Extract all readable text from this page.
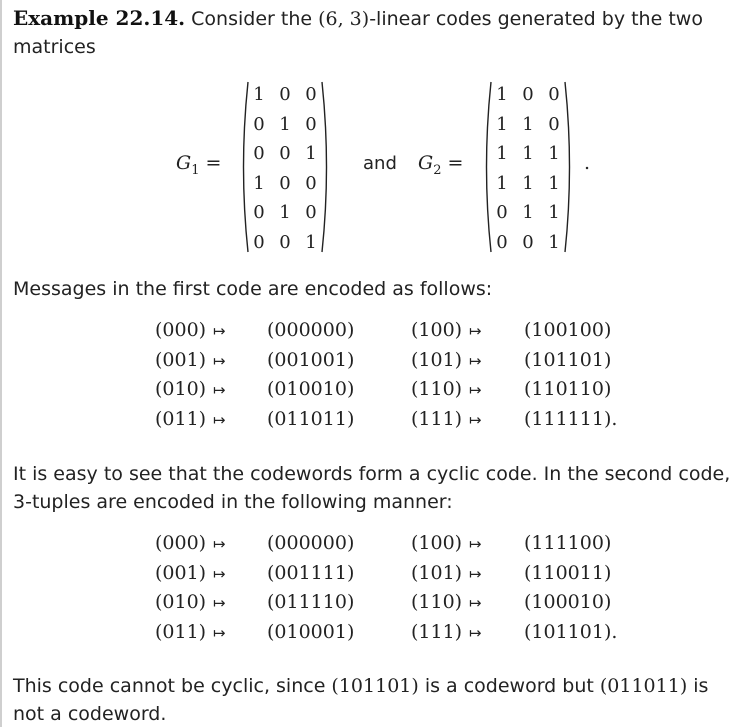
Example 22.14. Consider the (6, 3)-linear codes generated by the two matrices

$G_1$ =
1 0 0
0 1 0
0 0 1
1 0 0
0 1 0
0 0 1
and $G_2$ =
1 0 0
1 1 0
1 1 1
1 1 1
0 1 1
0 0 1
.

Messages in the first code are encoded as follows:

(000) ↦ (000000)	(100) ↦ (100100)
(001) ↦ (001001)	(101) ↦ (101101)
(010) ↦ (010010)	(110) ↦ (110110)
(011) ↦ (011011)	(111) ↦ (111111).

It is easy to see that the codewords form a cyclic code. In the second code, 3-tuples are encoded in the following manner:

(000) ↦ (000000)	(100) ↦ (111100)
(001) ↦ (001111)	(101) ↦ (110011)
(010) ↦ (011110)	(110) ↦ (100010)
(011) ↦ (010001)	(111) ↦ (101101).

This code cannot be cyclic, since (101101) is a codeword but (011011) is not a codeword.
